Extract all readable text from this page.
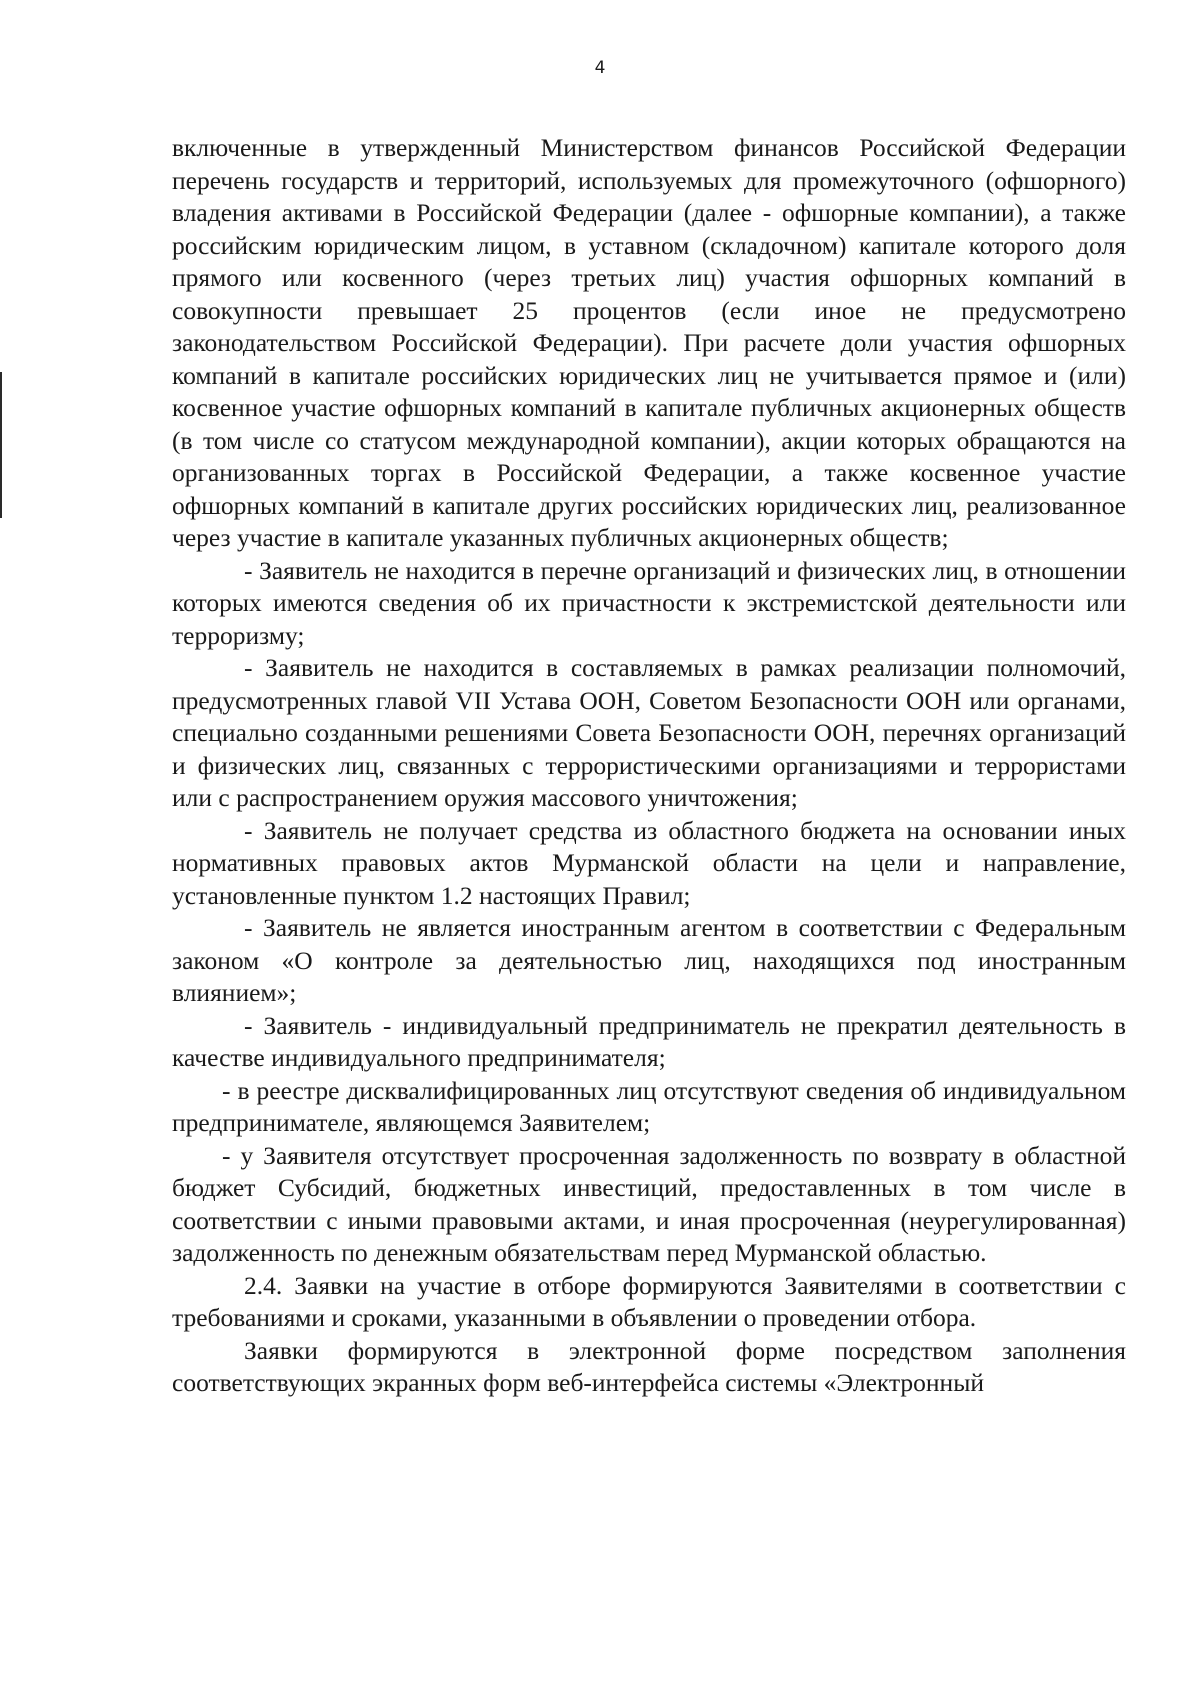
4

включенные в утвержденный Министерством финансов Российской Федерации перечень государств и территорий, используемых для промежуточного (офшорного) владения активами в Российской Федерации (далее - офшорные компании), а также российским юридическим лицом, в уставном (складочном) капитале которого доля прямого или косвенного (через третьих лиц) участия офшорных компаний в совокупности превышает 25 процентов (если иное не предусмотрено законодательством Российской Федерации). При расчете доли участия офшорных компаний в капитале российских юридических лиц не учитывается прямое и (или) косвенное участие офшорных компаний в капитале публичных акционерных обществ (в том числе со статусом международной компании), акции которых обращаются на организованных торгах в Российской Федерации, а также косвенное участие офшорных компаний в капитале других российских юридических лиц, реализованное через участие в капитале указанных публичных акционерных обществ;

- Заявитель не находится в перечне организаций и физических лиц, в отношении которых имеются сведения об их причастности к экстремистской деятельности или терроризму;

- Заявитель не находится в составляемых в рамках реализации полномочий, предусмотренных главой VII Устава ООН, Советом Безопасности ООН или органами, специально созданными решениями Совета Безопасности ООН, перечнях организаций и физических лиц, связанных с террористическими организациями и террористами или с распространением оружия массового уничтожения;

- Заявитель не получает средства из областного бюджета на основании иных нормативных правовых актов Мурманской области на цели и направление, установленные пунктом 1.2 настоящих Правил;

- Заявитель не является иностранным агентом в соответствии с Федеральным законом «О контроле за деятельностью лиц, находящихся под иностранным влиянием»;

- Заявитель - индивидуальный предприниматель не прекратил деятельность в качестве индивидуального предпринимателя;

- в реестре дисквалифицированных лиц отсутствуют сведения об индивидуальном предпринимателе, являющемся Заявителем;

- у Заявителя отсутствует просроченная задолженность по возврату в областной бюджет Субсидий, бюджетных инвестиций, предоставленных в том числе в соответствии с иными правовыми актами, и иная просроченная (неурегулированная) задолженность по денежным обязательствам перед Мурманской областью.

2.4. Заявки на участие в отборе формируются Заявителями в соответствии с требованиями и сроками, указанными в объявлении о проведении отбора.

Заявки формируются в электронной форме посредством заполнения соответствующих экранных форм веб-интерфейса системы «Электронный
